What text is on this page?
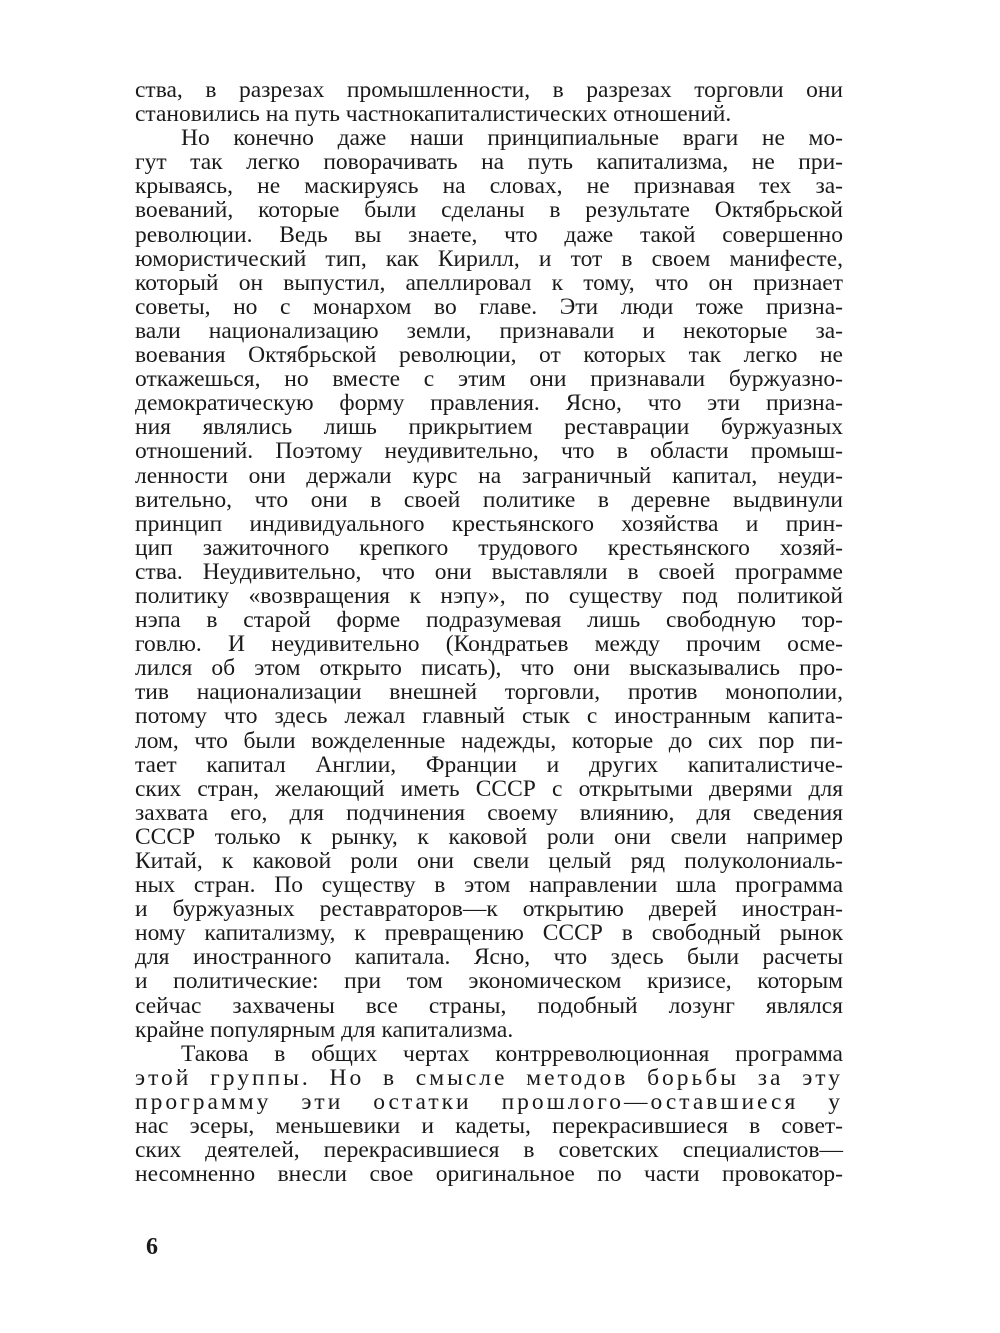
ства, в разрезах промышленности, в разрезах торговли они
становились на путь частнокапиталистических отношений.
Но конечно даже наши принципиальные враги не мо-
гут так легко поворачивать на путь капитализма, не при-
крываясь, не маскируясь на словах, не признавая тех за-
воеваний, которые были сделаны в результате Октябрьской
революции. Ведь вы знаете, что даже такой совершенно
юмористический тип, как Кирилл, и тот в своем манифесте,
который он выпустил, апеллировал к тому, что он признает
советы, но с монархом во главе. Эти люди тоже призна-
вали национализацию земли, признавали и некоторые за-
воевания Октябрьской революции, от которых так легко не
откажешься, но вместе с этим они признавали буржуазно-
демократическую форму правления. Ясно, что эти призна-
ния являлись лишь прикрытием реставрации буржуазных
отношений. Поэтому неудивительно, что в области промыш-
ленности они держали курс на заграничный капитал, неуди-
вительно, что они в своей политике в деревне выдвинули
принцип индивидуального крестьянского хозяйства и прин-
цип зажиточного крепкого трудового крестьянского хозяй-
ства. Неудивительно, что они выставляли в своей программе
политику «возвращения к нэпу», по существу под политикой
нэпа в старой форме подразумевая лишь свободную тор-
говлю. И неудивительно (Кондратьев между прочим осме-
лился об этом открыто писать), что они высказывались про-
тив национализации внешней торговли, против монополии,
потому что здесь лежал главный стык с иностранным капита-
лом, что были вожделенные надежды, которые до сих пор пи-
тает капитал Англии, Франции и других капиталистиче-
ских стран, желающий иметь СССР с открытыми дверями для
захвата его, для подчинения своему влиянию, для сведения
СССР только к рынку, к каковой роли они свели например
Китай, к каковой роли они свели целый ряд полуколониаль-
ных стран. По существу в этом направлении шла программа
и буржуазных реставраторов—к открытию дверей иностран-
ному капитализму, к превращению СССР в свободный рынок
для иностранного капитала. Ясно, что здесь были расчеты
и политические: при том экономическом кризисе, которым
сейчас захвачены все страны, подобный лозунг являлся
крайне популярным для капитализма.
Такова в общих чертах контрреволюционная программа
этой группы. Но в смысле методов борьбы за эту
программу эти остатки прошлого—оставшиеся у
нас эсеры, меньшевики и кадеты, перекрасившиеся в совет-
ских деятелей, перекрасившиеся в советских специалистов—
несомненно внесли свое оригинальное по части провокатор-
6
